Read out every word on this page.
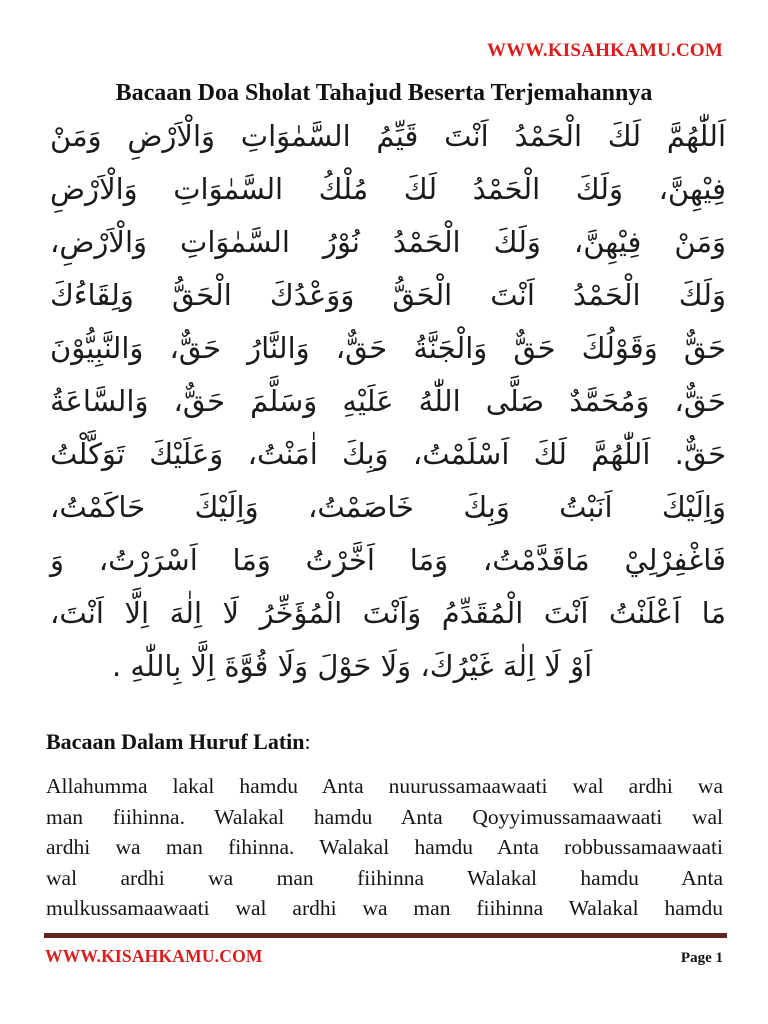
WWW.KISAHKAMU.COM
Bacaan Doa Sholat Tahajud Beserta Terjemahannya
اَللّٰهُمَّ لَكَ الْحَمْدُ اَنْتَ قَيِّمُ السَّمٰوَاتِ وَالْاَرْضِ وَمَنْ
فِيْهِنَّ، وَلَكَ الْحَمْدُ لَكَ مُلْكُ السَّمٰوَاتِ وَالْاَرْضِ
وَمَنْ فِيْهِنَّ، وَلَكَ الْحَمْدُ نُوْرُ السَّمٰوَاتِ وَالْاَرْضِ،
وَلَكَ الْحَمْدُ اَنْتَ الْحَقُّ وَوَعْدُكَ الْحَقُّ وَلِقَاءُكَ
حَقٌّ وَقَوْلُكَ حَقٌّ وَالْجَنَّةُ حَقٌّ، وَالنَّارُ حَقٌّ، وَالنَّبِيُّوْنَ
حَقٌّ، وَمُحَمَّدٌ صَلَّى اللّٰهُ عَلَيْهِ وَسَلَّمَ حَقٌّ، وَالسَّاعَةُ
حَقٌّ. اَللّٰهُمَّ لَكَ اَسْلَمْتُ، وَبِكَ اٰمَنْتُ، وَعَلَيْكَ تَوَكَّلْتُ
وَاِلَيْكَ اَنَبْتُ وَبِكَ خَاصَمْتُ، وَاِلَيْكَ حَاكَمْتُ،
فَاغْفِرْلِيْ مَاقَدَّمْتُ، وَمَا اَخَّرْتُ وَمَا اَسْرَرْتُ، وَ
مَا اَعْلَنْتُ اَنْتَ الْمُقَدِّمُ وَاَنْتَ الْمُؤَخِّرُ لَا اِلٰهَ اِلَّا اَنْتَ،
اَوْ لَا اِلٰهَ غَيْرُكَ، وَلَا حَوْلَ وَلَا قُوَّةَ اِلَّا بِاللّٰهِ .
Bacaan Dalam Huruf Latin:
Allahumma lakal hamdu Anta nuurussamaawaati wal ardhi wa
man fiihinna. Walakal hamdu Anta Qoyyimussamaawaati wal
ardhi wa man fihinna. Walakal hamdu Anta robbussamaawaati
wal ardhi wa man fiihinna Walakal hamdu Anta
mulkussamaawaati wal ardhi wa man fiihinna Walakal hamdu
WWW.KISAHKAMU.COM	Page 1
